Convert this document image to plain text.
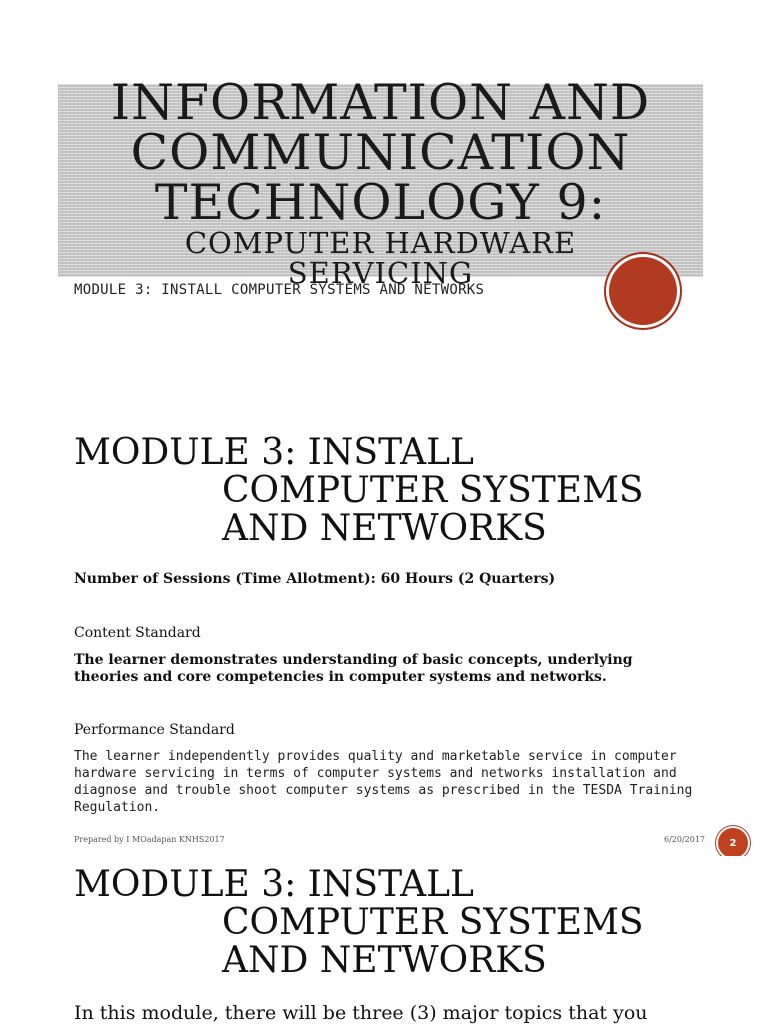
INFORMATION AND
COMMUNICATION
TECHNOLOGY 9:
COMPUTER HARDWARE
SERVICING
MODULE 3: INSTALL COMPUTER SYSTEMS AND NETWORKS
MODULE 3: INSTALL
COMPUTER SYSTEMS
AND NETWORKS

Number of Sessions (Time Allotment): 60 Hours (2 Quarters)

Content Standard

The learner demonstrates understanding of basic concepts, underlying theories and core competencies in computer systems and networks.

Performance Standard

The learner independently provides quality and marketable service in computer hardware servicing in terms of computer systems and networks installation and diagnose and trouble shoot computer systems as prescribed in the TESDA Training Regulation.

Prepared by I MOadapan KNHS2017	6/20/2017	2
MODULE 3: INSTALL
COMPUTER SYSTEMS
AND NETWORKS

In this module, there will be three (3) major topics that you
